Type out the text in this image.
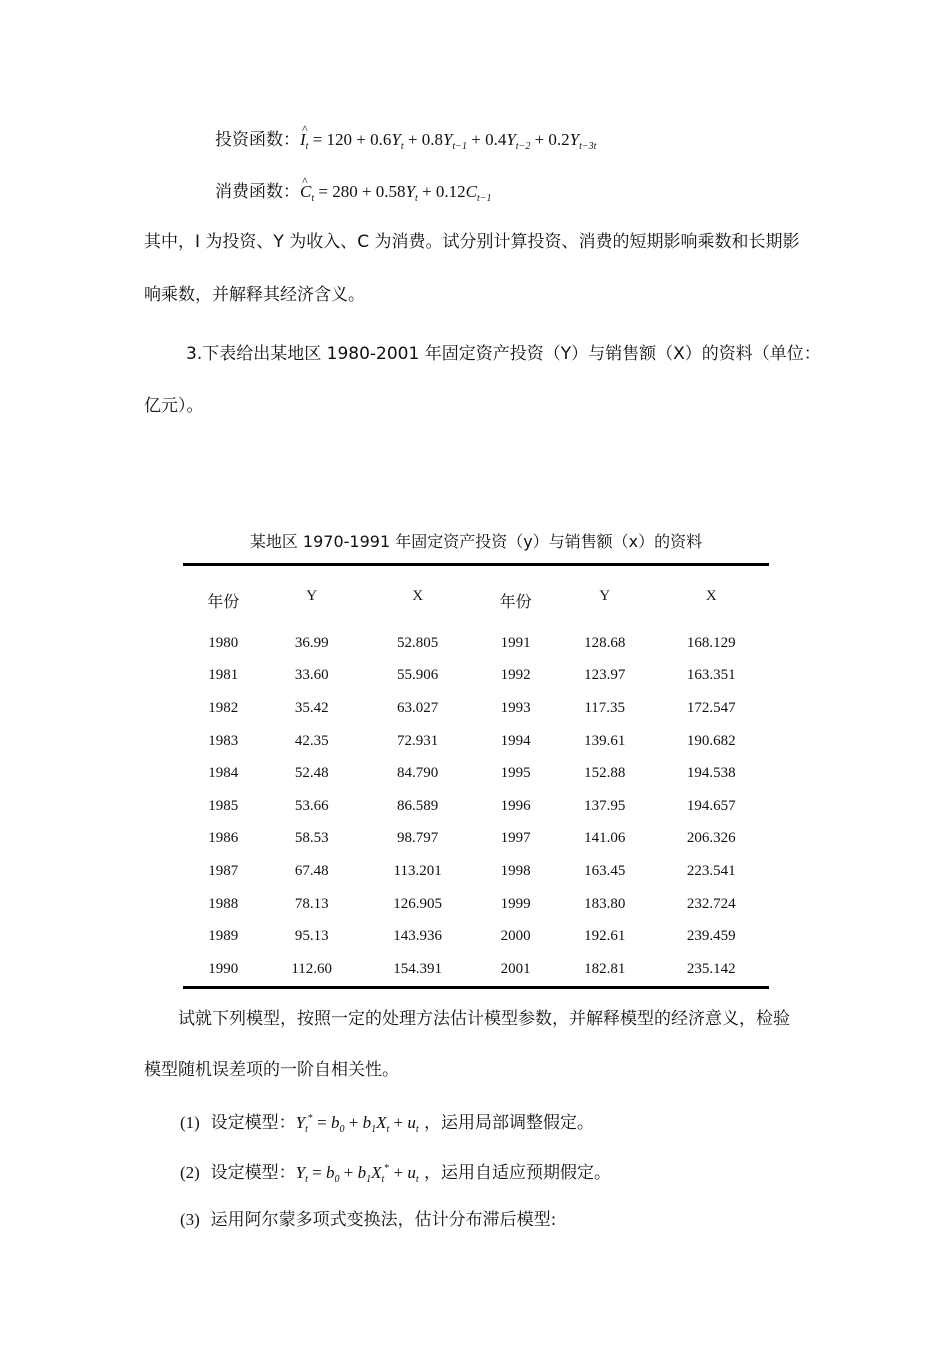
投资函数：^ $I_t = 120 + 0.6Y_t + 0.8Y_{t-1} + 0.4Y_{t-2} + 0.2Y_{t-3t}$
消费函数：^ $C_t = 280 + 0.58Y_t + 0.12C_{t-1}$
其中，I 为投资、Y 为收入、C 为消费。试分别计算投资、消费的短期影响乘数和长期影
响乘数，并解释其经济含义。
3.下表给出某地区 1980-2001 年固定资产投资（Y）与销售额（X）的资料（单位：
亿元）。
某地区 1970-1991 年固定资产投资（y）与销售额（x）的资料
年份	Y	X	年份	Y	X
1980	36.99	52.805	1991	128.68	168.129
1981	33.60	55.906	1992	123.97	163.351
1982	35.42	63.027	1993	117.35	172.547
1983	42.35	72.931	1994	139.61	190.682
1984	52.48	84.790	1995	152.88	194.538
1985	53.66	86.589	1996	137.95	194.657
1986	58.53	98.797	1997	141.06	206.326
1987	67.48	113.201	1998	163.45	223.541
1988	78.13	126.905	1999	183.80	232.724
1989	95.13	143.936	2000	192.61	239.459
1990	112.60	154.391	2001	182.81	235.142
试就下列模型，按照一定的处理方法估计模型参数，并解释模型的经济意义，检验
模型随机误差项的一阶自相关性。
(1) 设定模型：$Y_t^* = b_0 + b_1X_t + u_t$ ，运用局部调整假定。
(2) 设定模型：$Y_t = b_0 + b_1X_t^* + u_t$ ，运用自适应预期假定。
(3) 运用阿尔蒙多项式变换法，估计分布滞后模型:
